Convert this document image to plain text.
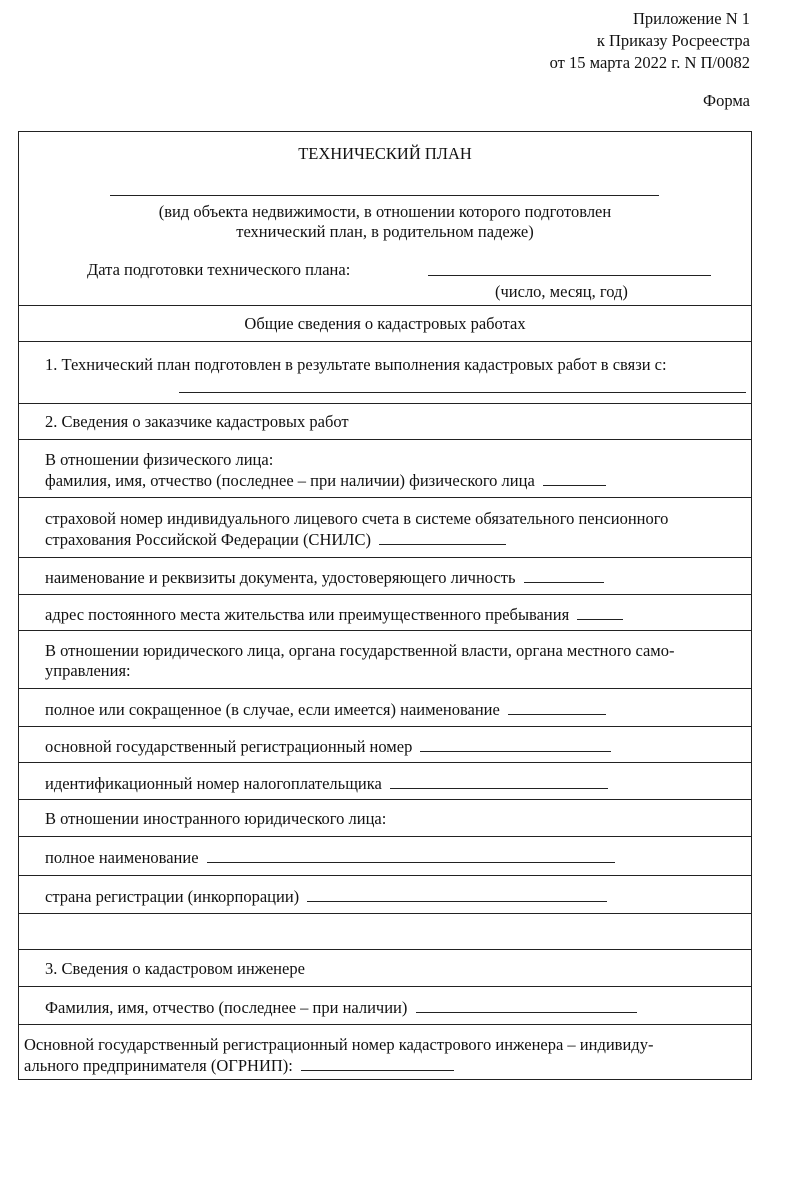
Приложение N 1
к Приказу Росреестра
от 15 марта 2022 г. N П/0082
Форма
ТЕХНИЧЕСКИЙ ПЛАН
(вид объекта недвижимости, в отношении которого подготовлен
технический план, в родительном падеже)
Дата подготовки технического плана:
(число, месяц, год)
Общие сведения о кадастровых работах
1. Технический план подготовлен в результате выполнения кадастровых работ в связи с:
2. Сведения о заказчике кадастровых работ
В отношении физического лица:
фамилия, имя, отчество (последнее – при наличии) физического лица
страховой номер индивидуального лицевого счета в системе обязательного пенсионного
страхования Российской Федерации (СНИЛС)
наименование и реквизиты документа, удостоверяющего личность
адрес постоянного места жительства или преимущественного пребывания
В отношении юридического лица, органа государственной власти, органа местного само-
управления:
полное или сокращенное (в случае, если имеется) наименование
основной государственный регистрационный номер
идентификационный номер налогоплательщика
В отношении иностранного юридического лица:
полное наименование
страна регистрации (инкорпорации)
3. Сведения о кадастровом инженере
Фамилия, имя, отчество (последнее – при наличии)
Основной государственный регистрационный номер кадастрового инженера – индивиду-
ального предпринимателя (ОГРНИП):
